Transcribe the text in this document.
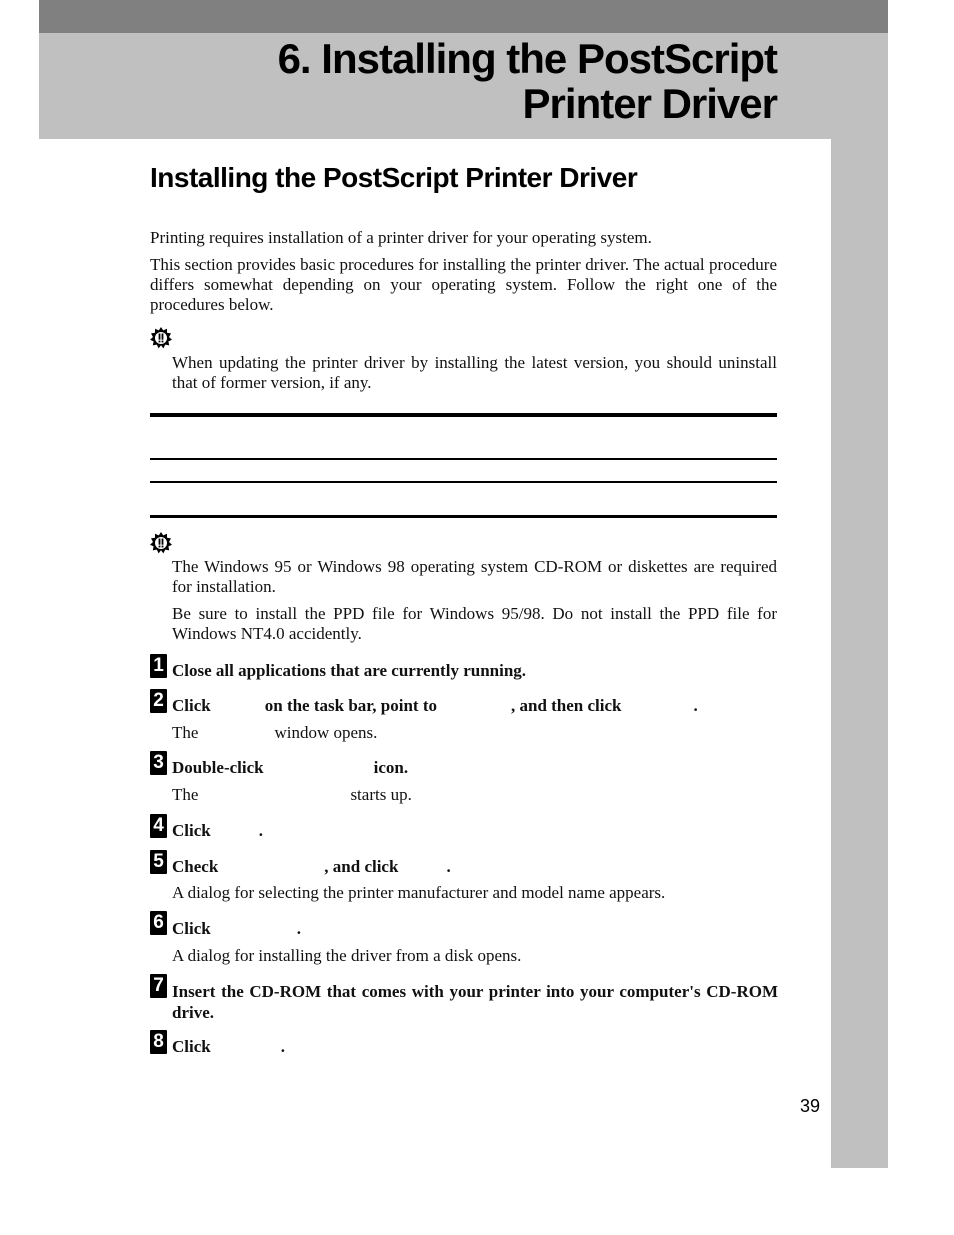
6. Installing the PostScript
Printer Driver
Installing the PostScript Printer Driver

Printing requires installation of a printer driver for your operating system.

This section provides basic procedures for installing the printer driver. The actual procedure differs somewhat depending on your operating system. Follow the right one of the procedures below.

When updating the printer driver by installing the latest version, you should uninstall that of former version, if any.

The Windows 95 or Windows 98 operating system CD-ROM or diskettes are required for installation.

Be sure to install the PPD file for Windows 95/98. Do not install the PPD file for Windows NT4.0 accidently.

1 Close all applications that are currently running.

2 Click	on the task bar, point to	, and then click	.

The	window opens.

3 Double-click	icon.

The	starts up.

4 Click	.

5 Check	, and click	.

A dialog for selecting the printer manufacturer and model name appears.

6 Click	.

A dialog for installing the driver from a disk opens.

7 Insert the CD-ROM that comes with your printer into your computer's CD-ROM drive.

8 Click	.

39
